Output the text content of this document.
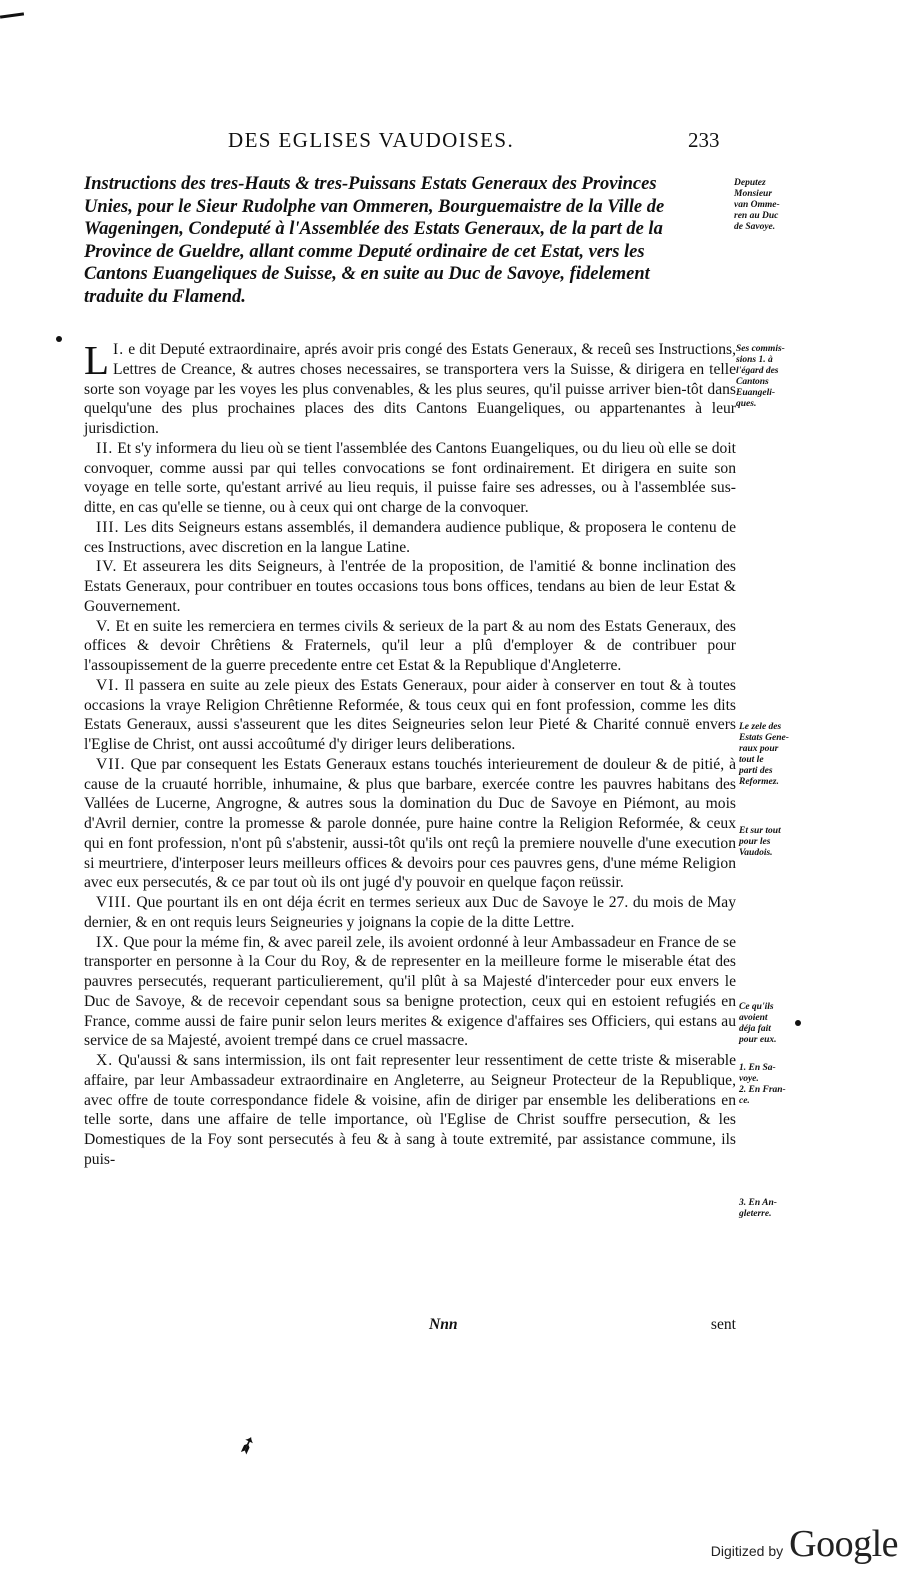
DES EGLISES VAUDOISES.	233

Instructions des tres-Hauts & tres-Puissans Estats Generaux des Provinces

Unies, pour le Sieur Rudolphe van Ommeren, Bourguemaistre de la Ville de

Wageningen, Condeputé à l'Assemblée des Estats Generaux, de la part de la

Province de Gueldre, allant comme Deputé ordinaire de cet Estat, vers les

Cantons Euangeliques de Suisse, & en suite au Duc de Savoye, fidelement

traduite du Flamend.

Deputez
Monsieur
van Omme-
ren au Duc
de Savoye.
Ses commis-
sions 1. à
l'égard des
Cantons
Euangeli-
ques.
Le zele des
Estats Gene-
raux pour
tout le
parti des
Reformez.
Et sur tout
pour les
Vaudois.
Ce qu'ils
avoient
déja fait
pour eux.
1. En Sa-
voye.
2. En Fran-
ce.
3. En An-
gleterre.

I.
L e dit Deputé extraordinaire, aprés avoir pris congé des Estats Generaux, & receû ses Instructions, Lettres de Creance, & autres choses necessaires, se transportera vers la Suisse, & dirigera en telle sorte son voyage par les voyes les plus convenables, & les plus seures, qu'il puisse arriver bien-tôt dans quelqu'une des plus prochaines places des dits Cantons Euangeliques, ou appartenantes à leur jurisdiction.

II. Et s'y informera du lieu où se tient l'assemblée des Cantons Euangeliques, ou du lieu où elle se doit convoquer, comme aussi par qui telles convocations se font ordinairement. Et dirigera en suite son voyage en telle sorte, qu'estant arrivé au lieu requis, il puisse faire ses adresses, ou à l'assemblée sus-ditte, en cas qu'elle se tienne, ou à ceux qui ont charge de la convoquer.

III. Les dits Seigneurs estans assemblés, il demandera audience publique, & proposera le contenu de ces Instructions, avec discretion en la langue Latine.

IV. Et asseurera les dits Seigneurs, à l'entrée de la proposition, de l'amitié & bonne inclination des Estats Generaux, pour contribuer en toutes occasions tous bons offices, tendans au bien de leur Estat & Gouvernement.

V. Et en suite les remerciera en termes civils & serieux de la part & au nom des Estats Generaux, des offices & devoir Chrêtiens & Fraternels, qu'il leur a plû d'employer & de contribuer pour l'assoupissement de la guerre precedente entre cet Estat & la Republique d'Angleterre.

VI. Il passera en suite au zele pieux des Estats Generaux, pour aider à conserver en tout & à toutes occasions la vraye Religion Chrêtienne Reformée, & tous ceux qui en font profession, comme les dits Estats Generaux, aussi s'asseurent que les dites Seigneuries selon leur Pieté & Charité connuë envers l'Eglise de Christ, ont aussi accoûtumé d'y diriger leurs deliberations.

VII. Que par consequent les Estats Generaux estans touchés interieurement de douleur & de pitié, à cause de la cruauté horrible, inhumaine, & plus que barbare, exercée contre les pauvres habitans des Vallées de Lucerne, Angrogne, & autres sous la domination du Duc de Savoye en Piémont, au mois d'Avril dernier, contre la promesse & parole donnée, pure haine contre la Religion Reformée, & ceux qui en font profession, n'ont pû s'abstenir, aussi-tôt qu'ils ont reçû la premiere nouvelle d'une execution si meurtriere, d'interposer leurs meilleurs offices & devoirs pour ces pauvres gens, d'une méme Religion avec eux persecutés, & ce par tout où ils ont jugé d'y pouvoir en quelque façon reüssir.

VIII. Que pourtant ils en ont déja écrit en termes serieux aux Duc de Savoye le 27. du mois de May dernier, & en ont requis leurs Seigneuries y joignans la copie de la ditte Lettre.

IX. Que pour la méme fin, & avec pareil zele, ils avoient ordonné à leur Ambassadeur en France de se transporter en personne à la Cour du Roy, & de representer en la meilleure forme le miserable état des pauvres persecutés, requerant particulierement, qu'il plût à sa Majesté d'interceder pour eux envers le Duc de Savoye, & de recevoir cependant sous sa benigne protection, ceux qui en estoient refugiés en France, comme aussi de faire punir selon leurs merites & exigence d'affaires ses Officiers, qui estans au service de sa Majesté, avoient trempé dans ce cruel massacre.

X. Qu'aussi & sans intermission, ils ont fait representer leur ressentiment de cette triste & miserable affaire, par leur Ambassadeur extraordinaire en Angleterre, au Seigneur Protecteur de la Republique, avec offre de toute correspondance fidele & voisine, afin de diriger par ensemble les deliberations en telle sorte, dans une affaire de telle importance, où l'Eglise de Christ souffre persecution, & les Domestiques de la Foy sont persecutés à feu & à sang à toute extremité, par assistance commune, ils puis-

Nnn	sent
➶
Digitized by Google
